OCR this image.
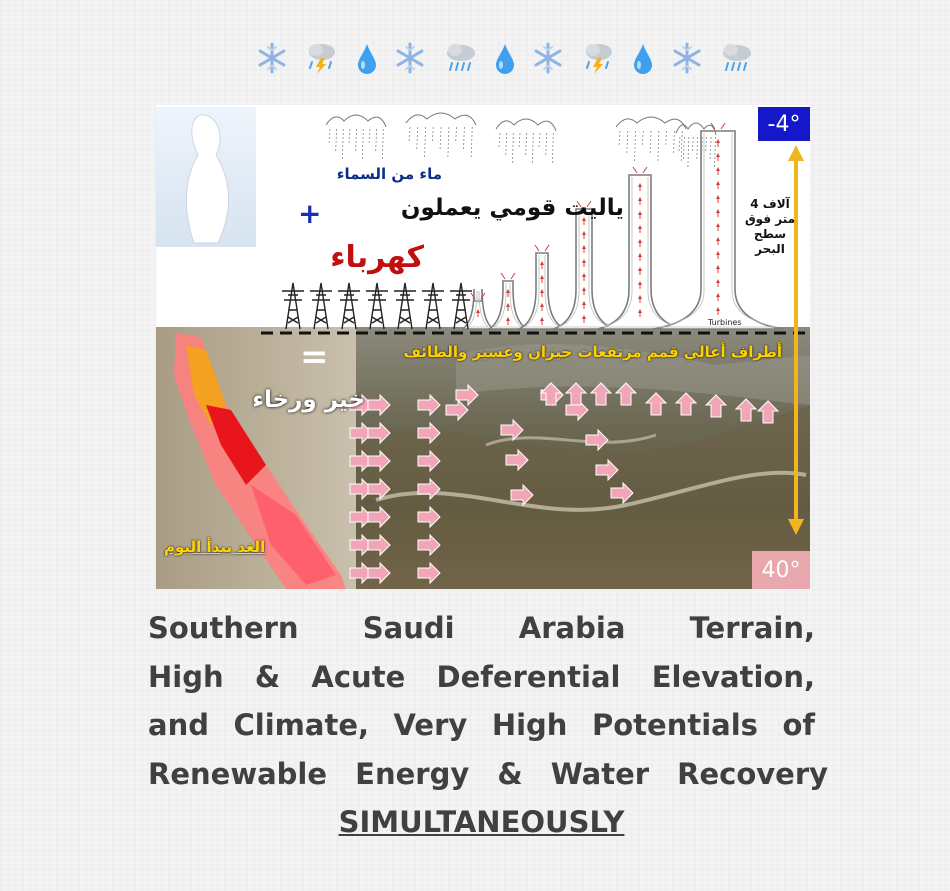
ماء من السماء
ياليت قومي يعملون
+
كهرباء
=
خير ورخاء
الغد يبدأ اليوم
أطراف أعالي قمم مرتفعات جيزان وعسير والطائف
4 آلاف متر فوق سطح البحر
-4°
40°
Turbines
Southern Saudi Arabia Terrain,
High & Acute Deferential Elevation,
and Climate, Very High Potentials of
Renewable Energy & Water Recovery
SIMULTANEOUSLY
